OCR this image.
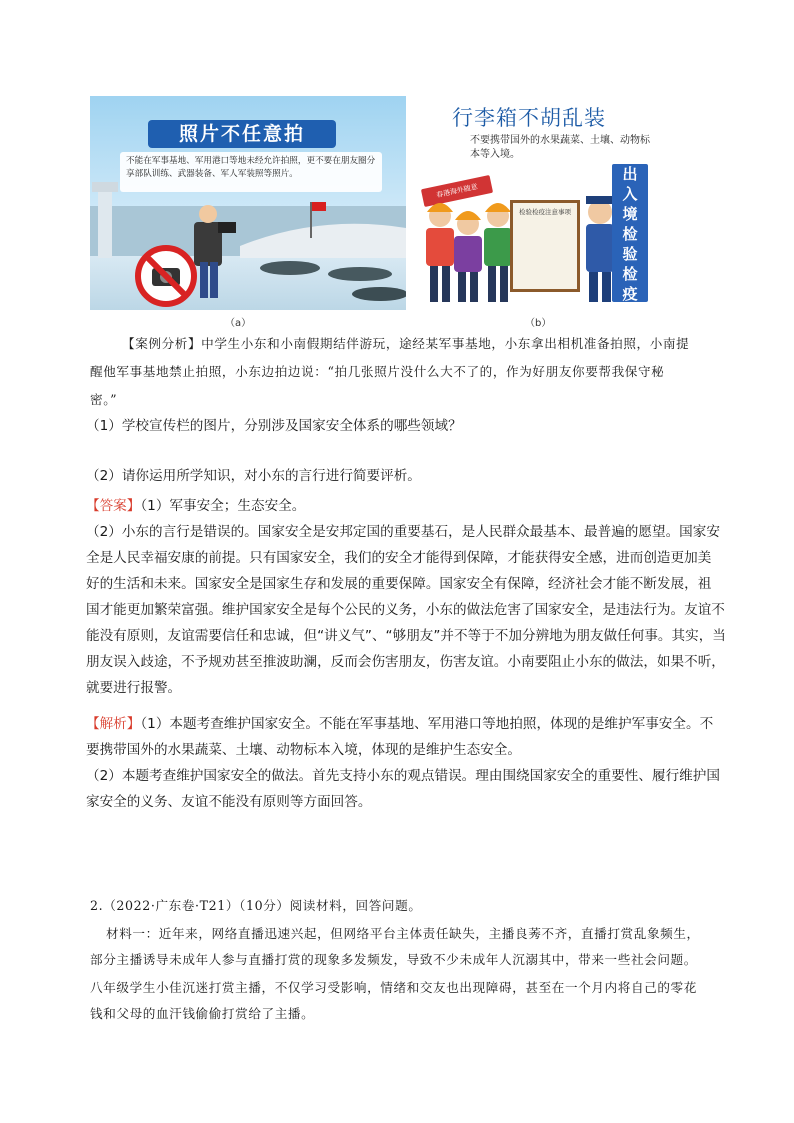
照片不任意拍
不能在军事基地、军用港口等地未经允许拍照，更不要在朋友圈分享部队训练、武器装备、军人军装照等照片。
行李箱不胡乱装
不要携带国外的水果蔬菜、土壤、动物标本等入境。
春港海外随意
检验检疫注意事项
出
入
境
检
验
检
疫
（a）	（b）
【案例分析】中学生小东和小南假期结伴游玩，途经某军事基地，小东拿出相机准备拍照，小南提
醒他军事基地禁止拍照，小东边拍边说：“拍几张照片没什么大不了的，作为好朋友你要帮我保守秘
密。”
（1）学校宣传栏的图片，分别涉及国家安全体系的哪些领域？
（2）请你运用所学知识，对小东的言行进行简要评析。
【答案】（1）军事安全；生态安全。
（2）小东的言行是错误的。国家安全是安邦定国的重要基石，是人民群众最基本、最普遍的愿望。国家安
全是人民幸福安康的前提。只有国家安全，我们的安全才能得到保障，才能获得安全感，进而创造更加美
好的生活和未来。国家安全是国家生存和发展的重要保障。国家安全有保障，经济社会才能不断发展，祖
国才能更加繁荣富强。维护国家安全是每个公民的义务，小东的做法危害了国家安全，是违法行为。友谊不
能没有原则，友谊需要信任和忠诚，但“讲义气”、“够朋友”并不等于不加分辨地为朋友做任何事。其实，当
朋友误入歧途，不予规劝甚至推波助澜，反而会伤害朋友，伤害友谊。小南要阻止小东的做法，如果不听，
就要进行报警。
【解析】（1）本题考查维护国家安全。不能在军事基地、军用港口等地拍照，体现的是维护军事安全。不
要携带国外的水果蔬菜、土壤、动物标本入境，体现的是维护生态安全。
（2）本题考查维护国家安全的做法。首先支持小东的观点错误。理由围绕国家安全的重要性、履行维护国
家安全的义务、友谊不能没有原则等方面回答。
2.（2022·广东卷·T21）（10分）阅读材料，回答问题。
材料一：近年来，网络直播迅速兴起，但网络平台主体责任缺失，主播良莠不齐，直播打赏乱象频生，
部分主播诱导未成年人参与直播打赏的现象多发频发，导致不少未成年人沉溺其中，带来一些社会问题。
八年级学生小佳沉迷打赏主播，不仅学习受影响，情绪和交友也出现障碍，甚至在一个月内将自己的零花
钱和父母的血汗钱偷偷打赏给了主播。
